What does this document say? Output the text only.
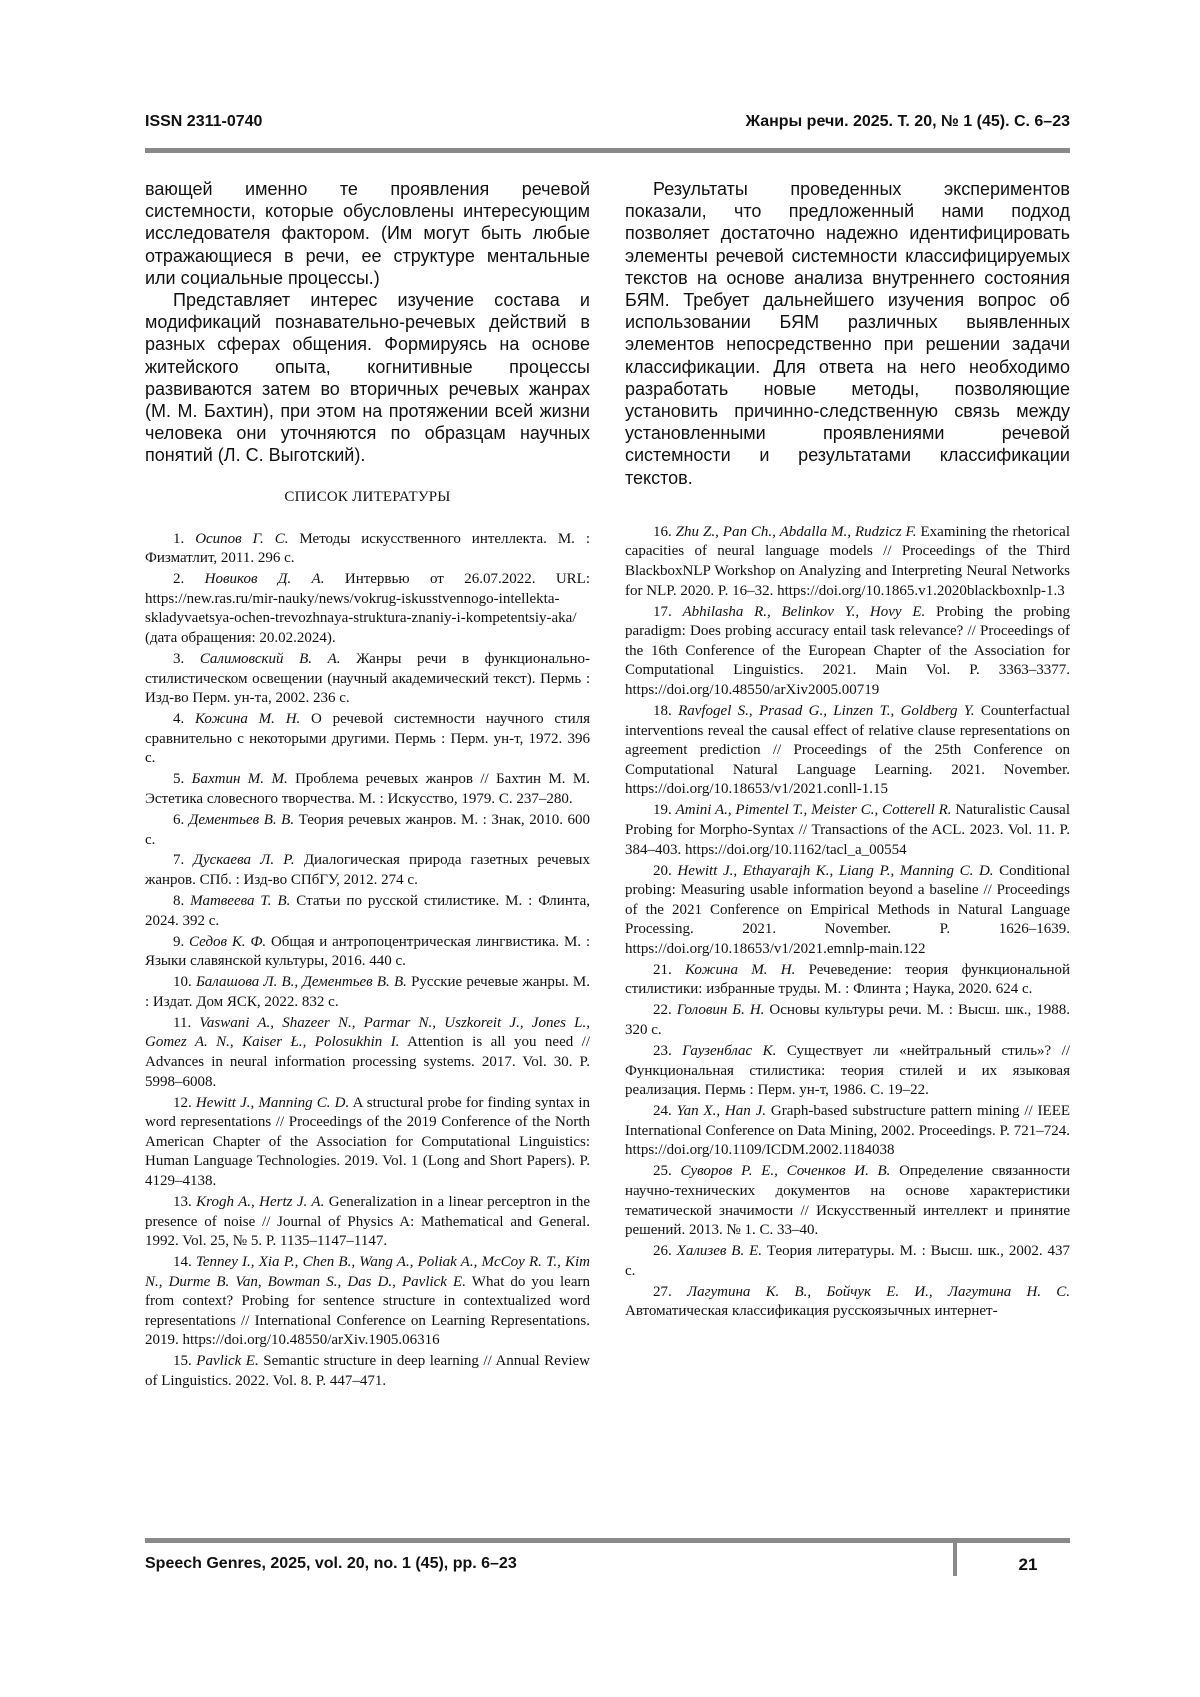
ISSN 2311-0740	Жанры речи. 2025. Т. 20, № 1 (45). С. 6–23

вающей именно те проявления речевой системности, которые обусловлены интересующим исследователя фактором. (Им могут быть любые отражающиеся в речи, ее структуре ментальные или социальные процессы.)

Представляет интерес изучение состава и модификаций познавательно-речевых действий в разных сферах общения. Формируясь на основе житейского опыта, когнитивные процессы развиваются затем во вторичных речевых жанрах (М. М. Бахтин), при этом на протяжении всей жизни человека они уточняются по образцам научных понятий (Л. С. Выготский).

СПИСОК ЛИТЕРАТУРЫ

1. Осипов Г. С. Методы искусственного интеллекта. М. : Физматлит, 2011. 296 с.

2. Новиков Д. А. Интервью от 26.07.2022. URL: https://new.ras.ru/mir-nauky/news/vokrug-iskusstvennogo-intellekta-skladyvaetsya-ochen-trevozhnaya-struktura-znaniy-i-kompetentsiy-aka/ (дата обращения: 20.02.2024).

3. Салимовский В. А. Жанры речи в функционально-стилистическом освещении (научный академический текст). Пермь : Изд-во Перм. ун-та, 2002. 236 с.

4. Кожина М. Н. О речевой системности научного стиля сравнительно с некоторыми другими. Пермь : Перм. ун-т, 1972. 396 с.

5. Бахтин М. М. Проблема речевых жанров // Бахтин М. М. Эстетика словесного творчества. М. : Искусство, 1979. С. 237–280.

6. Дементьев В. В. Теория речевых жанров. М. : Знак, 2010. 600 с.

7. Дускаева Л. Р. Диалогическая природа газетных речевых жанров. СПб. : Изд-во СПбГУ, 2012. 274 с.

8. Матвеева Т. В. Статьи по русской стилистике. М. : Флинта, 2024. 392 с.

9. Седов К. Ф. Общая и антропоцентрическая лингвистика. М. : Языки славянской культуры, 2016. 440 с.

10. Балашова Л. В., Дементьев В. В. Русские речевые жанры. М. : Издат. Дом ЯСК, 2022. 832 с.

11. Vaswani A., Shazeer N., Parmar N., Uszkoreit J., Jones L., Gomez A. N., Kaiser Ł., Polosukhin I. Attention is all you need // Advances in neural information processing systems. 2017. Vol. 30. P. 5998–6008.

12. Hewitt J., Manning C. D. A structural probe for finding syntax in word representations // Proceedings of the 2019 Conference of the North American Chapter of the Association for Computational Linguistics: Human Language Technologies. 2019. Vol. 1 (Long and Short Papers). P. 4129–4138.

13. Krogh A., Hertz J. A. Generalization in a linear perceptron in the presence of noise // Journal of Physics A: Mathematical and General. 1992. Vol. 25, № 5. P. 1135–1147–1147.

14. Tenney I., Xia P., Chen B., Wang A., Poliak A., McCoy R. T., Kim N., Durme B. Van, Bowman S., Das D., Pavlick E. What do you learn from context? Probing for sentence structure in contextualized word representations // International Conference on Learning Representations. 2019. https://doi.org/10.48550/arXiv.1905.06316

15. Pavlick E. Semantic structure in deep learning // Annual Review of Linguistics. 2022. Vol. 8. P. 447–471.

Результаты проведенных экспериментов показали, что предложенный нами подход позволяет достаточно надежно идентифицировать элементы речевой системности классифицируемых текстов на основе анализа внутреннего состояния БЯМ. Требует дальнейшего изучения вопрос об использовании БЯМ различных выявленных элементов непосредственно при решении задачи классификации. Для ответа на него необходимо разработать новые методы, позволяющие установить причинно-следственную связь между установленными проявлениями речевой системности и результатами классификации текстов.

16. Zhu Z., Pan Ch., Abdalla M., Rudzicz F. Examining the rhetorical capacities of neural language models // Proceedings of the Third BlackboxNLP Workshop on Analyzing and Interpreting Neural Networks for NLP. 2020. P. 16–32. https://doi.org/10.1865.v1.2020blackboxnlp-1.3

17. Abhilasha R., Belinkov Y., Hovy E. Probing the probing paradigm: Does probing accuracy entail task relevance? // Proceedings of the 16th Conference of the European Chapter of the Association for Computational Linguistics. 2021. Main Vol. P. 3363–3377. https://doi.org/10.48550/arXiv2005.00719

18. Ravfogel S., Prasad G., Linzen T., Goldberg Y. Counterfactual interventions reveal the causal effect of relative clause representations on agreement prediction // Proceedings of the 25th Conference on Computational Natural Language Learning. 2021. November. https://doi.org/10.18653/v1/2021.conll-1.15

19. Amini A., Pimentel T., Meister C., Cotterell R. Naturalistic Causal Probing for Morpho-Syntax // Transactions of the ACL. 2023. Vol. 11. P. 384–403. https://doi.org/10.1162/tacl_a_00554

20. Hewitt J., Ethayarajh K., Liang P., Manning C. D. Conditional probing: Measuring usable information beyond a baseline // Proceedings of the 2021 Conference on Empirical Methods in Natural Language Processing. 2021. November. P. 1626–1639. https://doi.org/10.18653/v1/2021.emnlp-main.122

21. Кожина М. Н. Речеведение: теория функциональной стилистики: избранные труды. М. : Флинта ; Наука, 2020. 624 с.

22. Головин Б. Н. Основы культуры речи. М. : Высш. шк., 1988. 320 с.

23. Гаузенблас К. Существует ли «нейтральный стиль»? // Функциональная стилистика: теория стилей и их языковая реализация. Пермь : Перм. ун-т, 1986. С. 19–22.

24. Yan X., Han J. Graph-based substructure pattern mining // IEEE International Conference on Data Mining, 2002. Proceedings. P. 721–724. https://doi.org/10.1109/ICDM.2002.1184038

25. Суворов Р. Е., Соченков И. В. Определение связанности научно-технических документов на основе характеристики тематической значимости // Искусственный интеллект и принятие решений. 2013. № 1. С. 33–40.

26. Хализев В. Е. Теория литературы. М. : Высш. шк., 2002. 437 с.

27. Лагутина К. В., Бойчук Е. И., Лагутина Н. С. Автоматическая классификация русскоязычных интернет-

Speech Genres, 2025, vol. 20, no. 1 (45), pp. 6–23	21
